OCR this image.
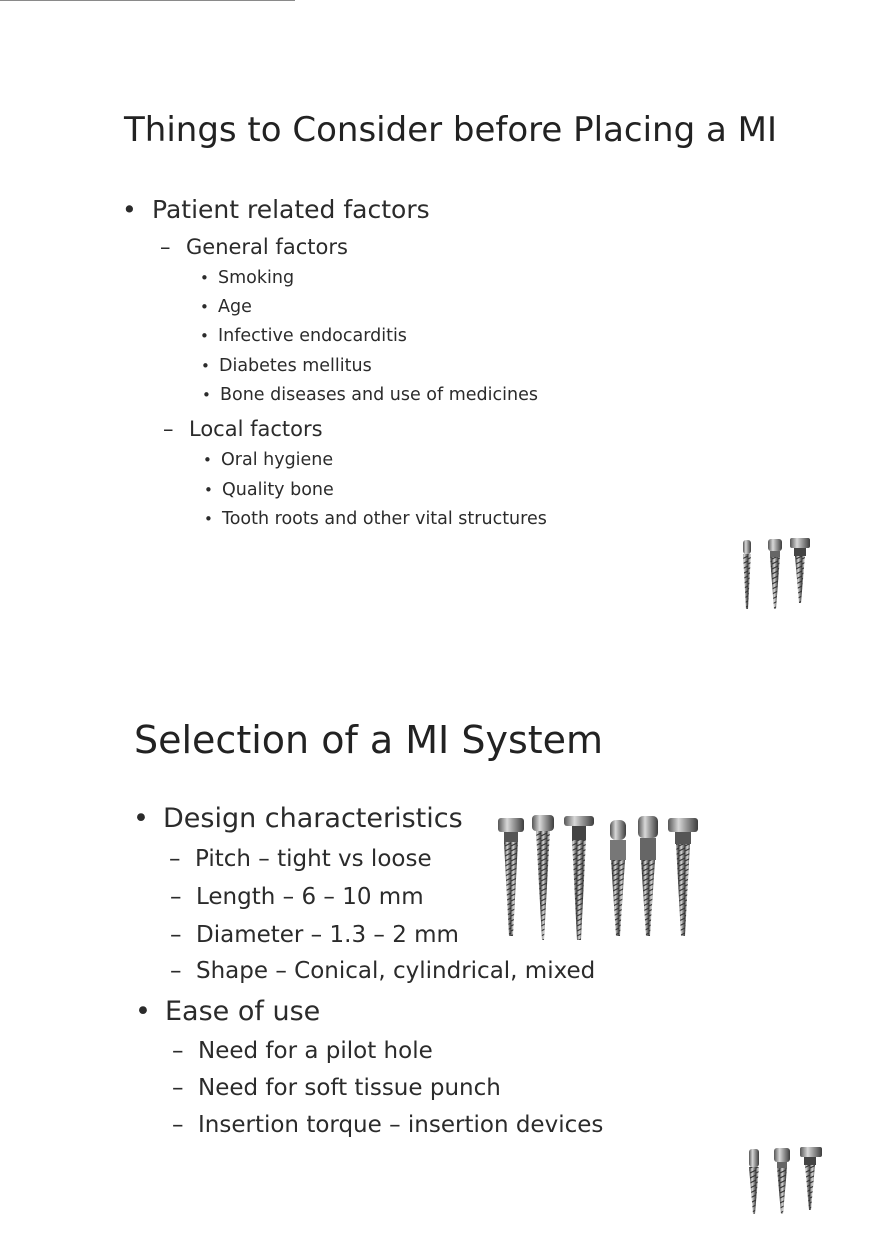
Things to Consider before Placing a MI
• Patient related factors
– General factors
• Smoking
• Age
• Infective endocarditis
• Diabetes mellitus
• Bone diseases and use of medicines
– Local factors
• Oral hygiene
• Quality bone
• Tooth roots and other vital structures
Selection of a MI System
• Design characteristics
– Pitch – tight vs loose
– Length – 6 – 10 mm
– Diameter – 1.3 – 2 mm
– Shape – Conical, cylindrical, mixed
• Ease of use
– Need for a pilot hole
– Need for soft tissue punch
– Insertion torque – insertion devices
